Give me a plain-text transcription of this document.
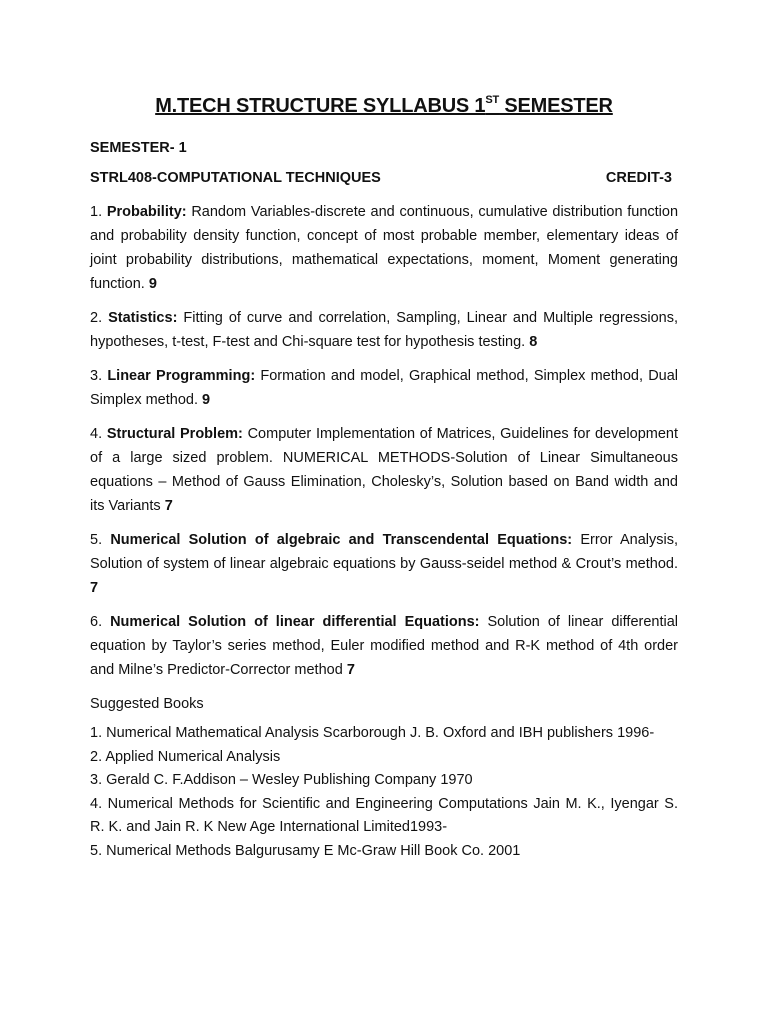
M.TECH STRUCTURE SYLLABUS 1ST SEMESTER
SEMESTER- 1
STRL408-COMPUTATIONAL TECHNIQUES	CREDIT-3

1. Probability: Random Variables-discrete and continuous, cumulative distribution function and probability density function, concept of most probable member, elementary ideas of joint probability distributions, mathematical expectations, moment, Moment generating function. 9

2. Statistics: Fitting of curve and correlation, Sampling, Linear and Multiple regressions, hypotheses, t-test, F-test and Chi-square test for hypothesis testing. 8

3. Linear Programming: Formation and model, Graphical method, Simplex method, Dual Simplex method. 9

4. Structural Problem: Computer Implementation of Matrices, Guidelines for development of a large sized problem. NUMERICAL METHODS-Solution of Linear Simultaneous equations – Method of Gauss Elimination, Cholesky’s, Solution based on Band width and its Variants 7

5. Numerical Solution of algebraic and Transcendental Equations: Error Analysis, Solution of system of linear algebraic equations by Gauss-seidel method & Crout’s method. 7

6. Numerical Solution of linear differential Equations: Solution of linear differential equation by Taylor’s series method, Euler modified method and R-K method of 4th order and Milne’s Predictor-Corrector method 7

Suggested Books

1. Numerical Mathematical Analysis Scarborough J. B. Oxford and IBH publishers 1996-

2. Applied Numerical Analysis

3. Gerald C. F.Addison – Wesley Publishing Company 1970

4. Numerical Methods for Scientific and Engineering Computations Jain M. K., Iyengar S. R. K. and Jain R. K New Age International Limited1993-

5. Numerical Methods Balgurusamy E Mc-Graw Hill Book Co. 2001
